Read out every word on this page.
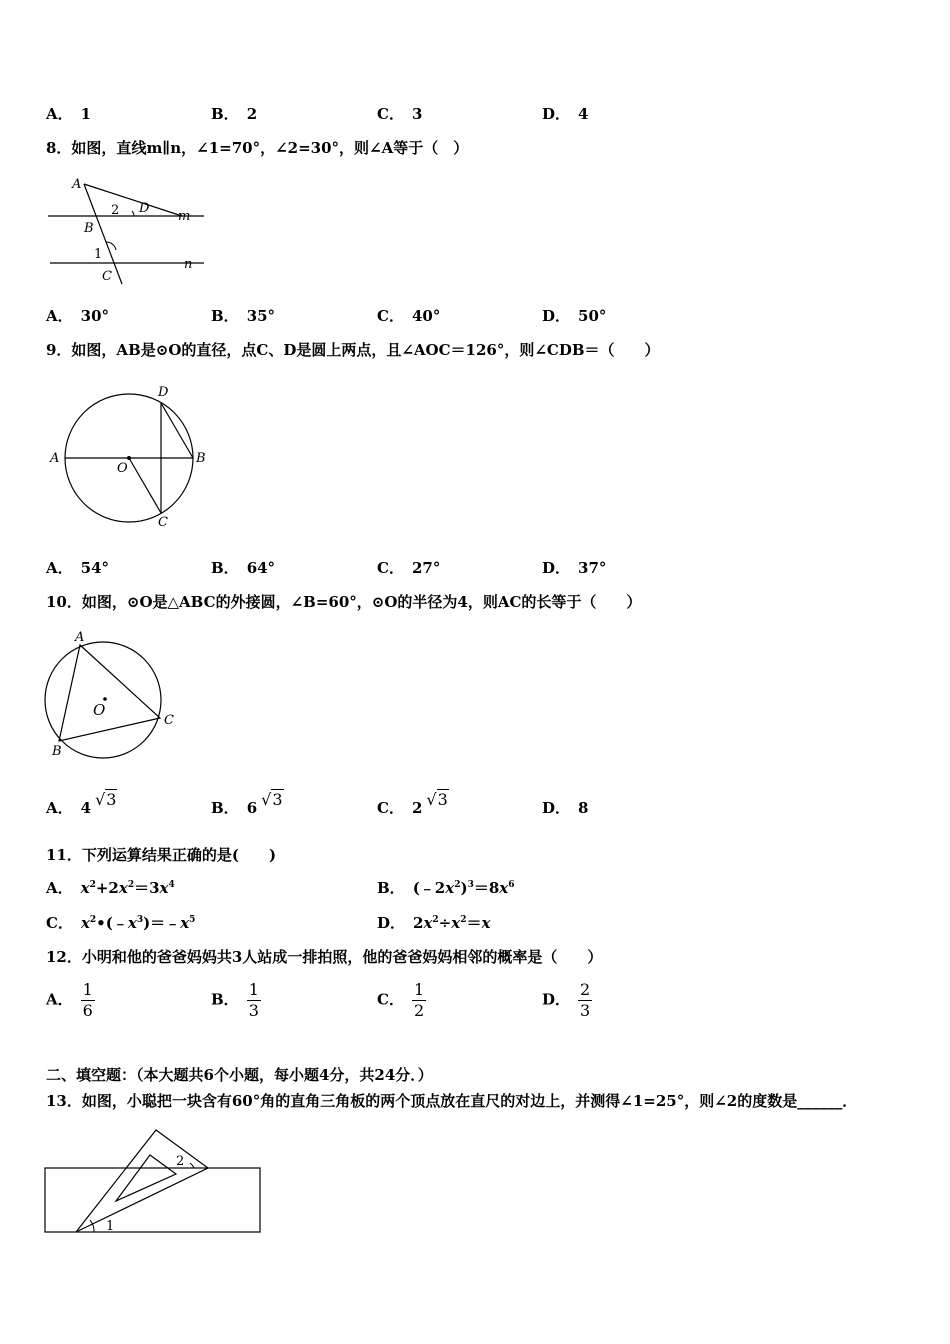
A． 1	B． 2	C． 3	D． 4
8．如图，直线m∥n，∠1=70°，∠2=30°，则∠A等于（　）
A
B
C
D
m
n
1
2
A． 30°	B． 35°	C． 40°	D． 50°
9．如图，AB是⊙O的直径，点C、D是圆上两点，且∠AOC＝126°，则∠CDB＝（　　）
A	B
C
D
O
A． 54°	B． 64°	C． 27°	D． 37°
10．如图，⊙O是△ABC的外接圆，∠B=60°，⊙O的半径为4，则AC的长等于（　　）
A
B
C
O
A． 4 √3	B． 6 √3	C． 2 √3	D． 8
11．下列运算结果正确的是(　　)
A． $x^2+2x^2=3x^4$	B． $(﹣2x^2)^3=8x^6$
C． $x^2•(﹣x^3)=﹣x^5$	D． $2x^2\div x^2=x$
12．小明和他的爸爸妈妈共3人站成一排拍照，他的爸爸妈妈相邻的概率是（　　）
A． $\frac{1}{6}$	B． $\frac{1}{3}$	C． $\frac{1}{2}$	D． $\frac{2}{3}$
二、填空题：（本大题共6个小题，每小题4分，共24分．）
13．如图，小聪把一块含有60°角的直角三角板的两个顶点放在直尺的对边上，并测得∠1=25°，则∠2的度数是______．
1
2
